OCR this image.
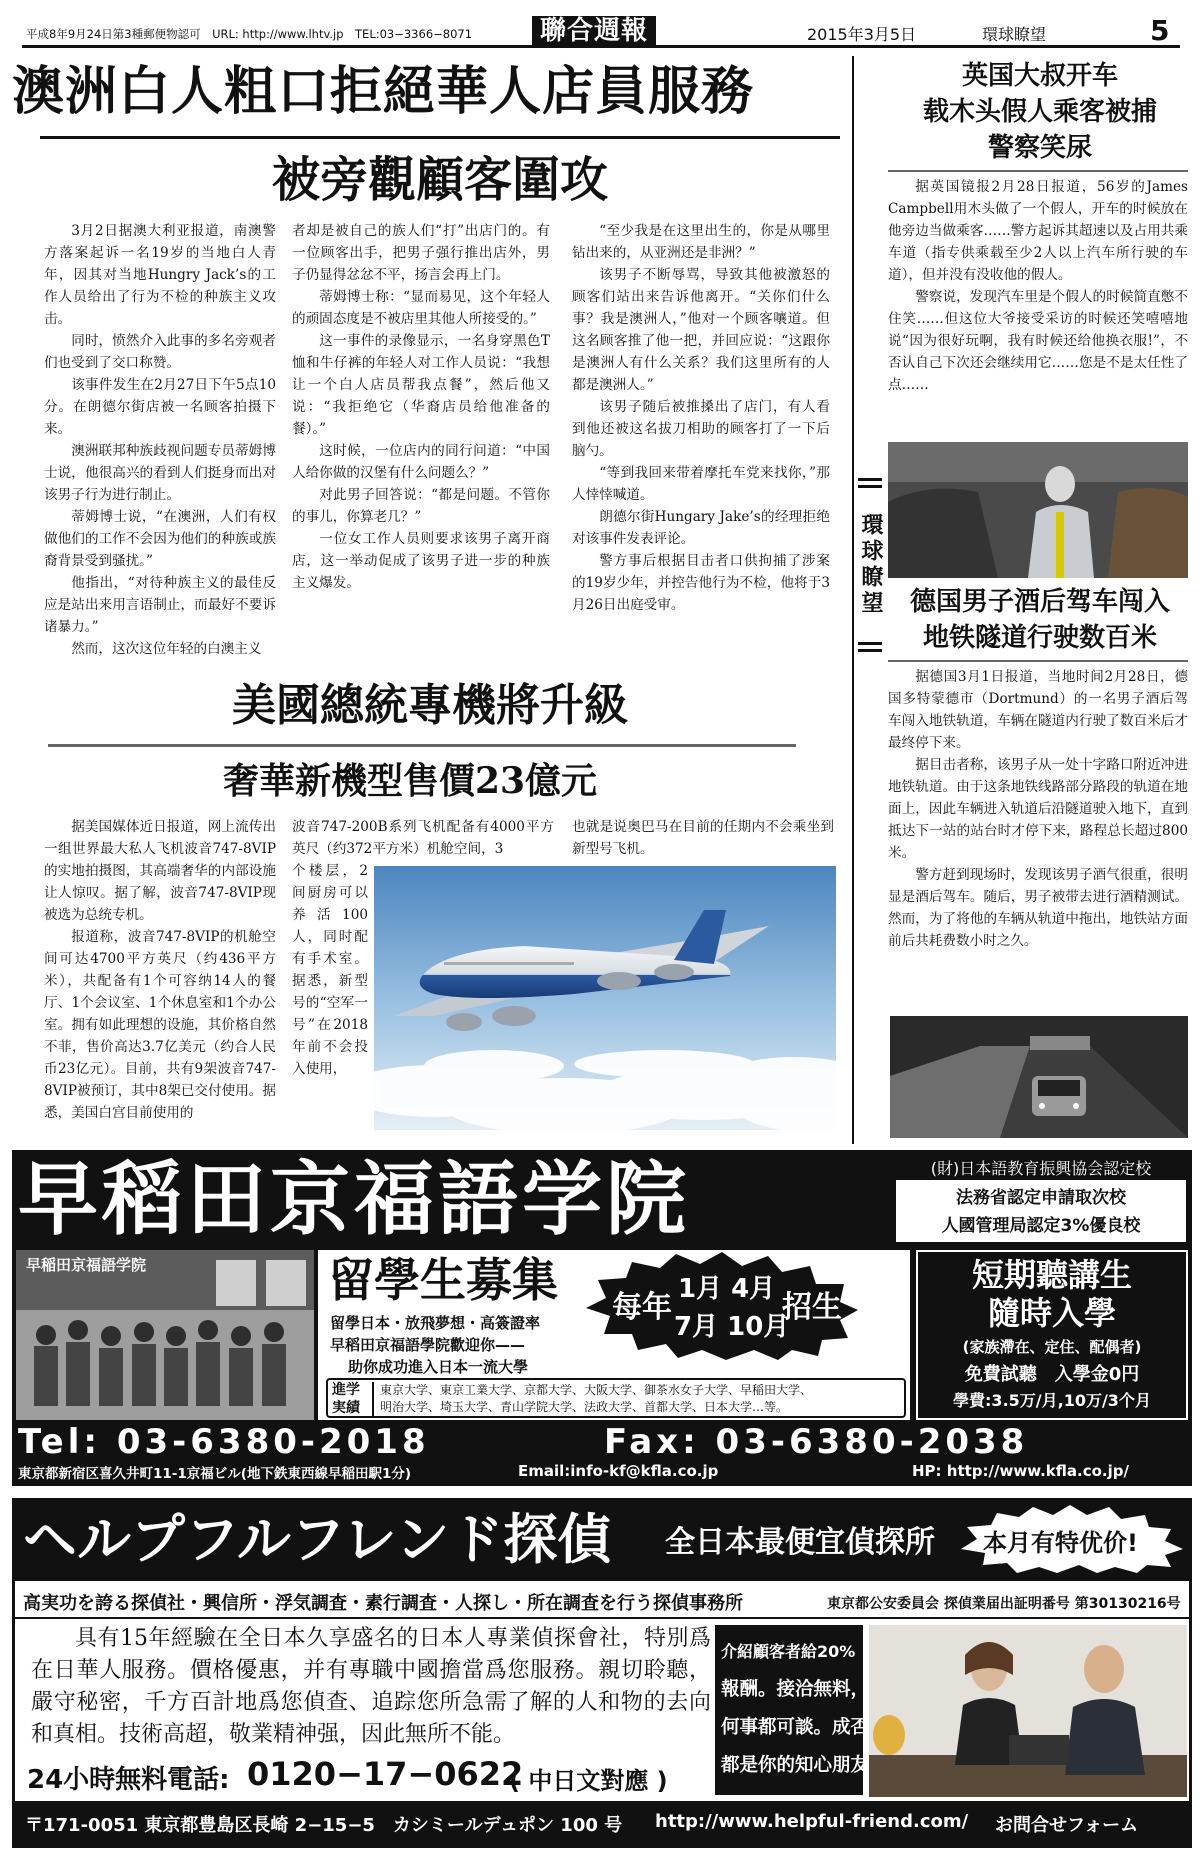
平成8年9月24日第3種郵便物認可　URL: http://www.lhtv.jp　TEL:03−3366−8071	聯合週報	2015年3月5日	環球瞭望	5
澳洲白人粗口拒絕華人店員服務
被旁觀顧客圍攻

3月2日据澳大利亚报道，南澳警方落案起诉一名19岁的当地白人青年，因其对当地Hungry Jack’s的工作人员给出了行为不检的种族主义攻击。

同时，愤然介入此事的多名旁观者们也受到了交口称赞。

该事件发生在2月27日下午5点10分。在朗德尔街店被一名顾客拍摄下来。

澳洲联邦种族歧视问题专员蒂姆博士说，他很高兴的看到人们挺身而出对该男子行为进行制止。

蒂姆博士说，“在澳洲，人们有权做他们的工作不会因为他们的种族或族裔背景受到骚扰。”

他指出，“对待种族主义的最佳反应是站出来用言语制止，而最好不要诉诸暴力。”

然而，这次这位年轻的白澳主义

者却是被自己的族人们“打”出店门的。有一位顾客出手，把男子强行推出店外，男子仍显得忿忿不平，扬言会再上门。

蒂姆博士称：“显而易见，这个年轻人的顽固态度是不被店里其他人所接受的。”

这一事件的录像显示，一名身穿黑色T恤和牛仔裤的年轻人对工作人员说：“我想让一个白人店员帮我点餐”，然后他又说：“我拒绝它（华裔店员给他准备的餐）。”

这时候，一位店内的同行问道：“中国人给你做的汉堡有什么问题么？”

对此男子回答说：“都是问题。不管你的事儿，你算老几？”

一位女工作人员则要求该男子离开商店，这一举动促成了该男子进一步的种族主义爆发。

“至少我是在这里出生的，你是从哪里钻出来的，从亚洲还是非洲？”

该男子不断辱骂，导致其他被激怒的顾客们站出来告诉他离开。“关你们什么事？我是澳洲人，”他对一个顾客嚷道。但这名顾客推了他一把，并回应说：“这跟你是澳洲人有什么关系？我们这里所有的人都是澳洲人。”

该男子随后被推搡出了店门，有人看到他还被这名拔刀相助的顾客打了一下后脑勺。

“等到我回来带着摩托车党来找你，”那人悻悻喊道。

朗德尔街Hungary Jake’s的经理拒绝对该事件发表评论。

警方事后根据目击者口供拘捕了涉案的19岁少年，并控告他行为不检，他将于3月26日出庭受审。

美國總統專機將升級
奢華新機型售價23億元

据美国媒体近日报道，网上流传出一组世界最大私人飞机波音747-8VIP的实地拍摄图，其高端奢华的内部设施让人惊叹。据了解，波音747-8VIP现被选为总统专机。

报道称，波音747-8VIP的机舱空间可达4700平方英尺（约436平方米），共配备有1个可容纳14人的餐厅、1个会议室、1个休息室和1个办公室。拥有如此理想的设施，其价格自然不菲，售价高达3.7亿美元（约合人民币23亿元）。目前，共有9架波音747-8VIP被预订，其中8架已交付使用。据悉，美国白宫目前使用的

波音747-200B系列飞机配备有4000平方英尺（约372平方米）机舱空间，3
个楼层，2间厨房可以养活100人，同时配有手术室。据悉，新型号的“空军一号”在2018年前不会投入使用，
也就是说奥巴马在目前的任期内不会乘坐到新型号飞机。
環球瞭望
英国大叔开车
载木头假人乘客被捕
警察笑尿

据英国镜报2月28日报道，56岁的James Campbell用木头做了一个假人，开车的时候放在他旁边当做乘客……警方起诉其超速以及占用共乘车道（指专供乘载至少2人以上汽车所行驶的车道），但并没有没收他的假人。

警察说，发现汽车里是个假人的时候简直憋不住笑……但这位大爷接受采访的时候还笑嘻嘻地说“因为很好玩啊，我有时候还给他换衣服!”，不否认自己下次还会继续用它……您是不是太任性了点……

德国男子酒后驾车闯入
地铁隧道行驶数百米

据德国3月1日报道，当地时间2月28日，德国多特蒙德市（Dortmund）的一名男子酒后驾车闯入地铁轨道，车辆在隧道内行驶了数百米后才最终停下来。

据目击者称，该男子从一处十字路口附近冲进地铁轨道。由于这条地铁线路部分路段的轨道在地面上，因此车辆进入轨道后沿隧道驶入地下，直到抵达下一站的站台时才停下来，路程总长超过800米。

警方赶到现场时，发现该男子酒气很重，很明显是酒后驾车。随后，男子被带去进行酒精测试。然而，为了将他的车辆从轨道中拖出，地铁站方面前后共耗费数小时之久。

早稻田京福語学院	(財)日本語教育振興協会認定校
法務省認定申請取次校
人國管理局認定3%優良校
早稲田京福語学院	留學生募集
留學日本・放飛夢想・高簽證率
早稻田京福語學院歡迎你——
助你成功進入日本一流大學
每年
1月 4月
7月 10月
招生
進学
実績
東京大学、東京工業大学、京都大学、大阪大学、御茶水女子大学、早稲田大学、
明治大学、埼玉大学、青山学院大学、法政大学、首都大学、日本大学…等。
短期聽講生
隨時入學
(家族滯在、定住、配偶者)
免費試聽　入學金0円
學費:3.5万/月,10万/3个月
Tel: 03-6380-2018	Fax: 03-6380-2038
東京都新宿区喜久井町11-1京福ビル(地下鉄東西線早稲田駅1分)	Email:info-kf@kfla.co.jp	HP: http://www.kfla.co.jp/
ヘルプフルフレンド探偵	全日本最便宜偵探所	本月有特优价!
高実功を誇る探偵社・興信所・浮気調査・素行調査・人探し・所在調査を行う探偵事務所	東京都公安委員会 探偵業届出証明番号 第30130216号
具有15年經驗在全日本久享盛名的日本人專業偵探會社，特別爲在日華人服務。價格優惠，并有專職中國擔當爲您服務。親切聆聽，嚴守秘密，千方百計地爲您偵查、追踪您所急需了解的人和物的去向和真相。技術高超，敬業精神强，因此無所不能。
24小時無料電話: 0120−17−0622
( 中日文對應 )
介紹顧客者給20%
報酬。接洽無料，
何事都可談。成否
都是你的知心朋友
〒171-0051 東京都豊島区長崎 2−15−5　カシミールデュポン 100 号 http://www.helpful-friend.com/ お問合せフォーム
